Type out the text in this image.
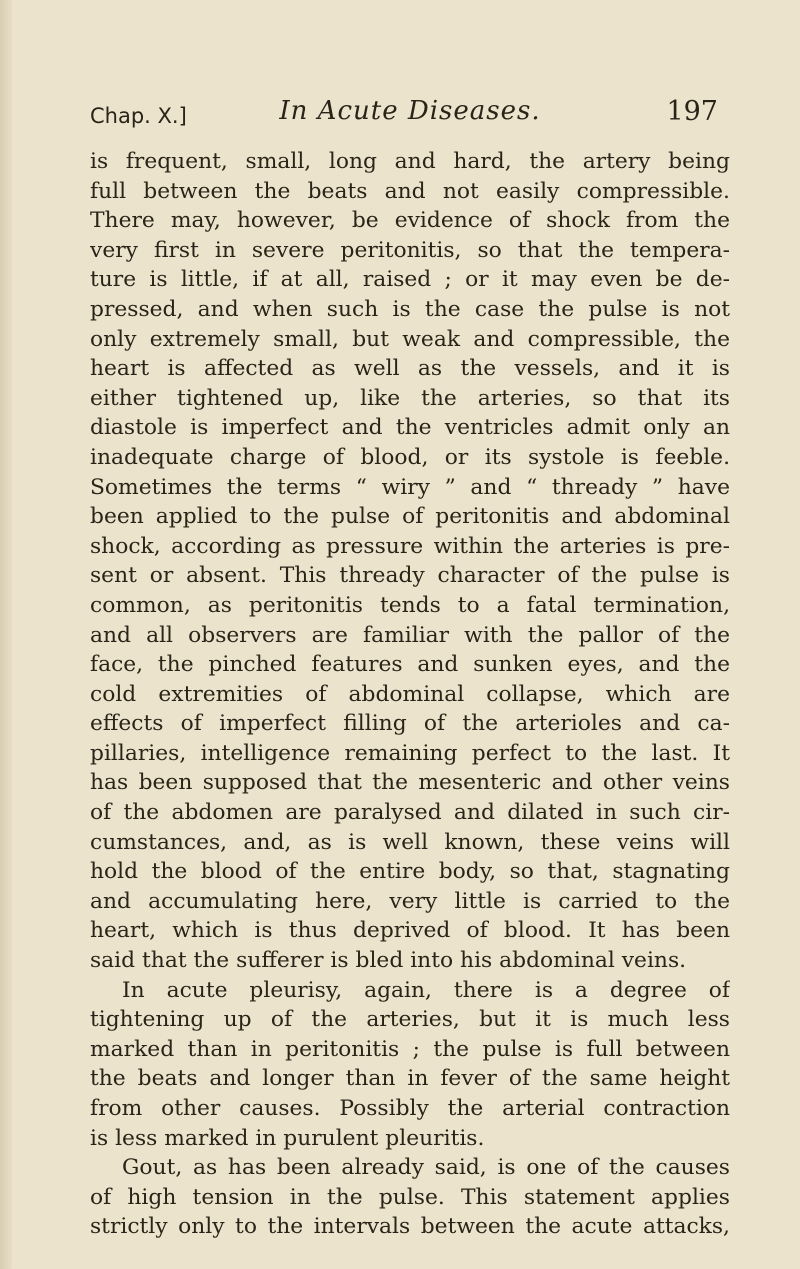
Chap. X.]	In Acute Diseases.	197
is frequent, small, long and hard, the artery being
full between the beats and not easily compressible.
There may, however, be evidence of shock from the
very first in severe peritonitis, so that the tempera-
ture is little, if at all, raised ; or it may even be de-
pressed, and when such is the case the pulse is not
only extremely small, but weak and compressible, the
heart is affected as well as the vessels, and it is
either tightened up, like the arteries, so that its
diastole is imperfect and the ventricles admit only an
inadequate charge of blood, or its systole is feeble.
Sometimes the terms “ wiry ” and “ thready ” have
been applied to the pulse of peritonitis and abdominal
shock, according as pressure within the arteries is pre-
sent or absent. This thready character of the pulse is
common, as peritonitis tends to a fatal termination,
and all observers are familiar with the pallor of the
face, the pinched features and sunken eyes, and the
cold extremities of abdominal collapse, which are
effects of imperfect filling of the arterioles and ca-
pillaries, intelligence remaining perfect to the last. It
has been supposed that the mesenteric and other veins
of the abdomen are paralysed and dilated in such cir-
cumstances, and, as is well known, these veins will
hold the blood of the entire body, so that, stagnating
and accumulating here, very little is carried to the
heart, which is thus deprived of blood. It has been
said that the sufferer is bled into his abdominal veins.
In acute pleurisy, again, there is a degree of
tightening up of the arteries, but it is much less
marked than in peritonitis ; the pulse is full between
the beats and longer than in fever of the same height
from other causes. Possibly the arterial contraction
is less marked in purulent pleuritis.
Gout, as has been already said, is one of the causes
of high tension in the pulse. This statement applies
strictly only to the intervals between the acute attacks,
